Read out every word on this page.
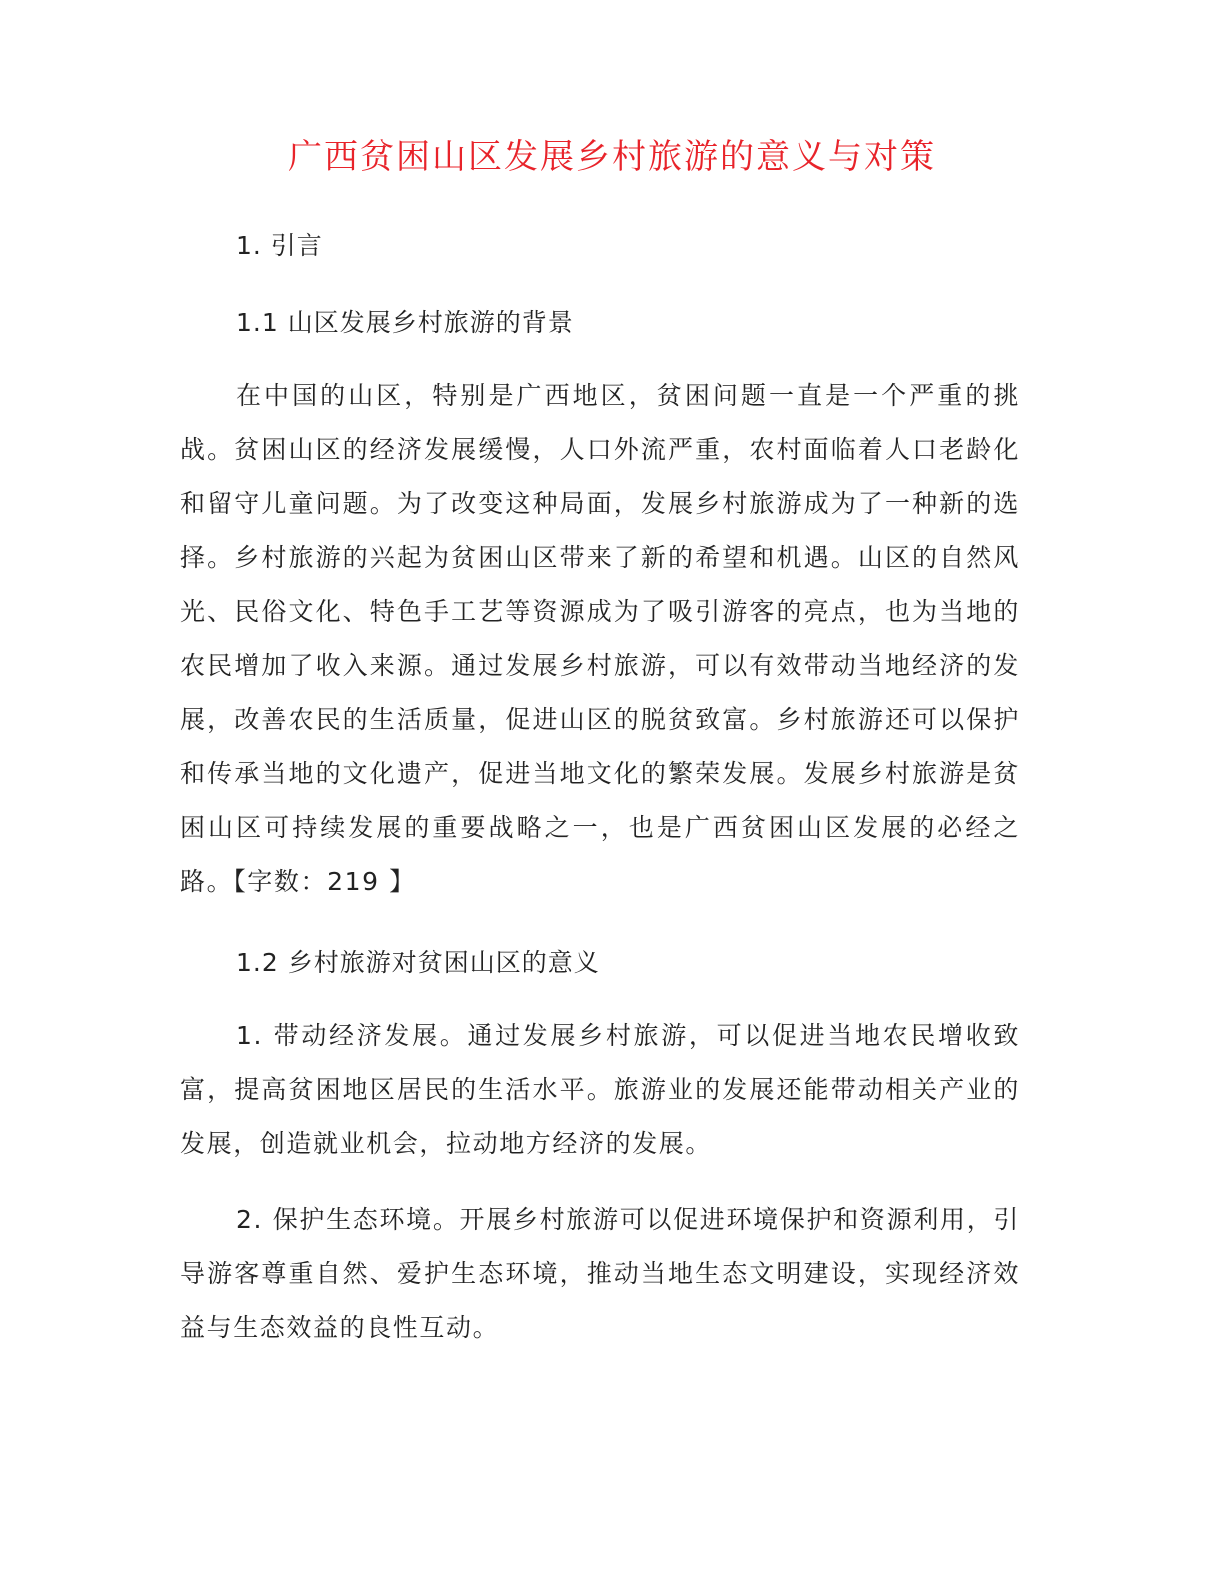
广西贫困山区发展乡村旅游的意义与对策
1. 引言
1.1 山区发展乡村旅游的背景

在中国的山区，特别是广西地区，贫困问题一直是一个严重的挑战。贫困山区的经济发展缓慢，人口外流严重，农村面临着人口老龄化和留守儿童问题。为了改变这种局面，发展乡村旅游成为了一种新的选择。乡村旅游的兴起为贫困山区带来了新的希望和机遇。山区的自然风光、民俗文化、特色手工艺等资源成为了吸引游客的亮点，也为当地的农民增加了收入来源。通过发展乡村旅游，可以有效带动当地经济的发展，改善农民的生活质量，促进山区的脱贫致富。乡村旅游还可以保护和传承当地的文化遗产，促进当地文化的繁荣发展。发展乡村旅游是贫困山区可持续发展的重要战略之一，也是广西贫困山区发展的必经之路。【字数：219 】

1.2 乡村旅游对贫困山区的意义

1. 带动经济发展。通过发展乡村旅游，可以促进当地农民增收致富，提高贫困地区居民的生活水平。旅游业的发展还能带动相关产业的发展，创造就业机会，拉动地方经济的发展。

2. 保护生态环境。开展乡村旅游可以促进环境保护和资源利用，引导游客尊重自然、爱护生态环境，推动当地生态文明建设，实现经济效益与生态效益的良性互动。
